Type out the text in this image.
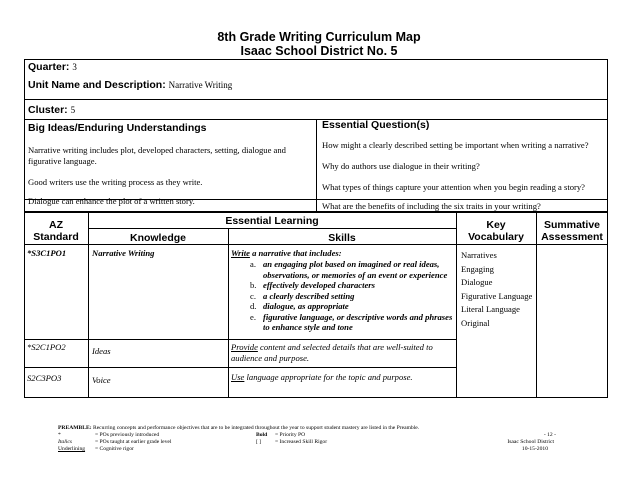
8th Grade Writing Curriculum Map
Isaac School District No. 5
Quarter: 3
Unit Name and Description: Narrative Writing
Cluster: 5
Big Ideas/Enduring Understandings
Narrative writing includes plot, developed characters, setting, dialogue and figurative language.
Good writers use the writing process as they write.
Dialogue can enhance the plot of a written story.
Essential Question(s)
How might a clearly described setting be important when writing a narrative?
Why do authors use dialogue in their writing?
What types of things capture your attention when you begin reading a story?
What are the benefits of including the six traits in your writing?
AZ
Standard
Essential Learning
Knowledge	Skills
Key
Vocabulary
Summative
Assessment
*S3C1PO1	Narrative Writing	Write a narrative that includes:
a. an engaging plot based on imagined or real ideas, observations, or memories of an event or experience
b. effectively developed characters
c. a clearly described setting
d. dialogue, as appropriate
e. figurative language, or descriptive words and phrases to enhance style and tone
Narratives
Engaging
Dialogue
Figurative Language
Literal Language
Original
*S2C1PO2	Ideas	Provide content and selected details that are well-suited to audience and purpose.
S2C3PO3	Voice	Use language appropriate for the topic and purpose.
PREAMBLE: Recurring concepts and performance objectives that are to be integrated throughout the year to support student mastery are listed in the Preamble.
*	= POs previously introduced
Italics	= POs taught at earlier grade level
Underlining = Cognitive rigor
Bold = Priority PO
[ ] = Increased Skill Rigor
- 12 -
Isaac School District
10-15-2010
